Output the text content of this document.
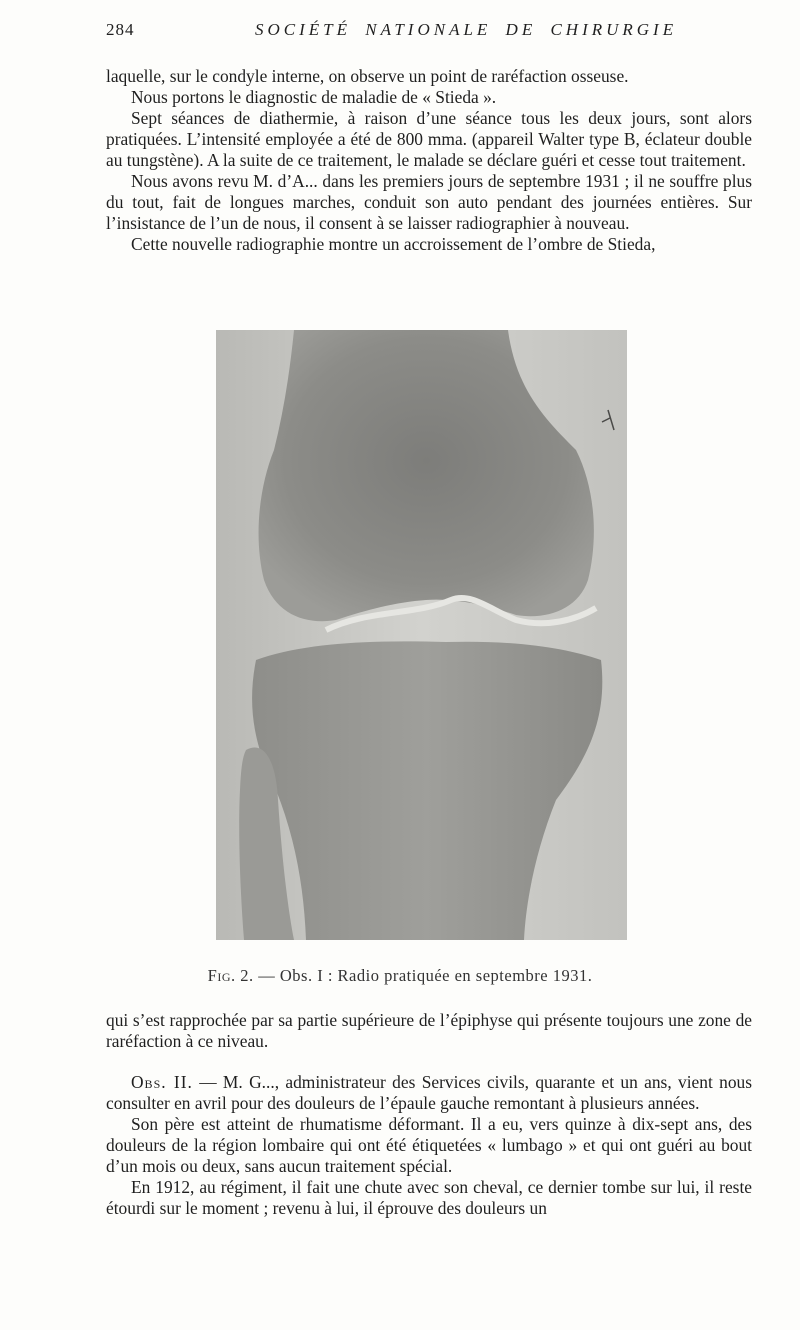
284	SOCIÉTÉ NATIONALE DE CHIRURGIE

laquelle, sur le condyle interne, on observe un point de raréfaction osseuse.

Nous portons le diagnostic de maladie de « Stieda ».

Sept séances de diathermie, à raison d’une séance tous les deux jours, sont alors pratiquées. L’intensité employée a été de 800 mma. (appareil Walter type B, éclateur double au tungstène). A la suite de ce traitement, le malade se déclare guéri et cesse tout traitement.

Nous avons revu M. d’A... dans les premiers jours de septembre 1931 ; il ne souffre plus du tout, fait de longues marches, conduit son auto pendant des journées entières. Sur l’insistance de l’un de nous, il consent à se laisser radiographier à nouveau.

Cette nouvelle radiographie montre un accroissement de l’ombre de Stieda,

Fig. 2. — Obs. I : Radio pratiquée en septembre 1931.

qui s’est rapprochée par sa partie supérieure de l’épiphyse qui présente toujours une zone de raréfaction à ce niveau.

Obs. II. — M. G..., administrateur des Services civils, quarante et un ans, vient nous consulter en avril pour des douleurs de l’épaule gauche remontant à plusieurs années.

Son père est atteint de rhumatisme déformant. Il a eu, vers quinze à dix-sept ans, des douleurs de la région lombaire qui ont été étiquetées « lumbago » et qui ont guéri au bout d’un mois ou deux, sans aucun traitement spécial.

En 1912, au régiment, il fait une chute avec son cheval, ce dernier tombe sur lui, il reste étourdi sur le moment ; revenu à lui, il éprouve des douleurs un
